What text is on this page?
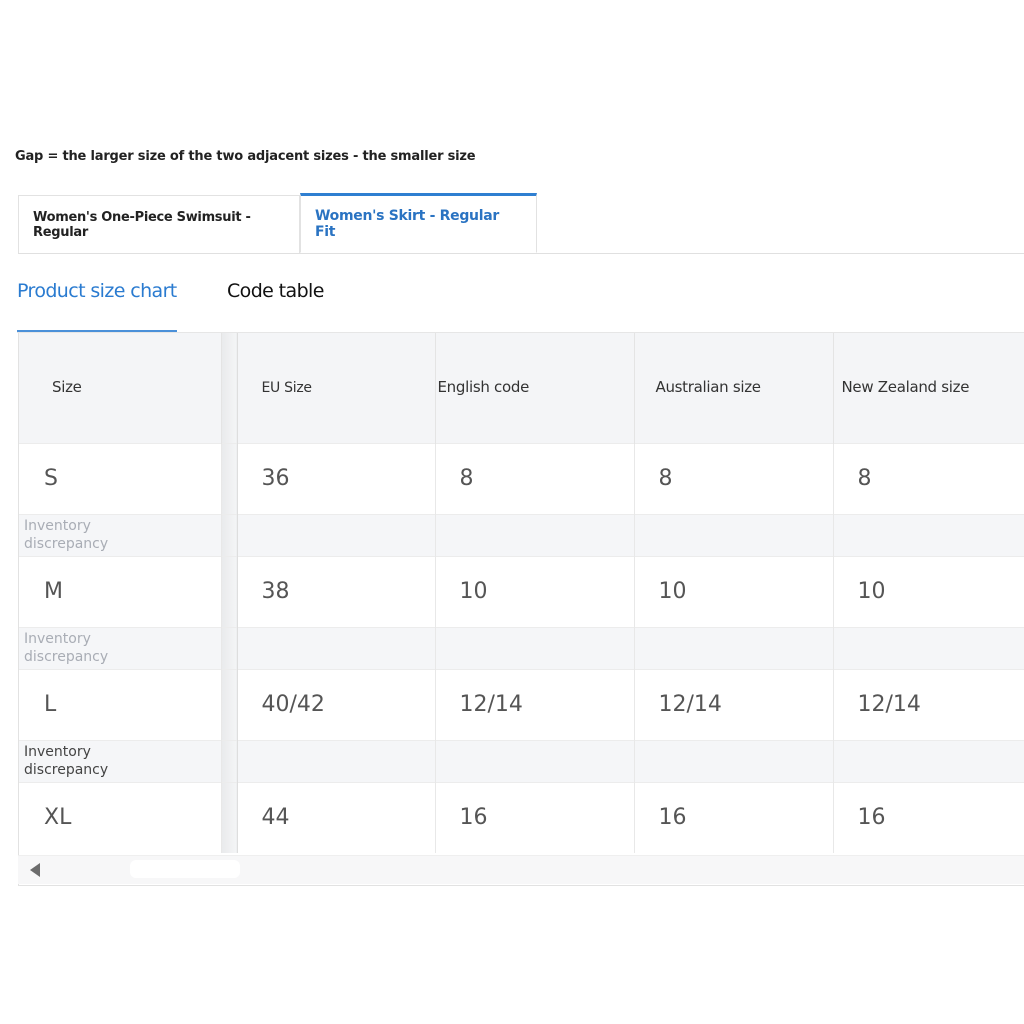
Gap = the larger size of the two adjacent sizes - the smaller size
Women's One-Piece Swimsuit - Regular
Women's Skirt - Regular Fit
Product size chart	Code table
Size		EU Size	English code	Australian size	New Zealand size
S		36	8	8	8
Inventory
discrepancy					
M		38	10	10	10
Inventory
discrepancy					
L		40/42	12/14	12/14	12/14
Inventory
discrepancy					
XL		44	16	16	16
